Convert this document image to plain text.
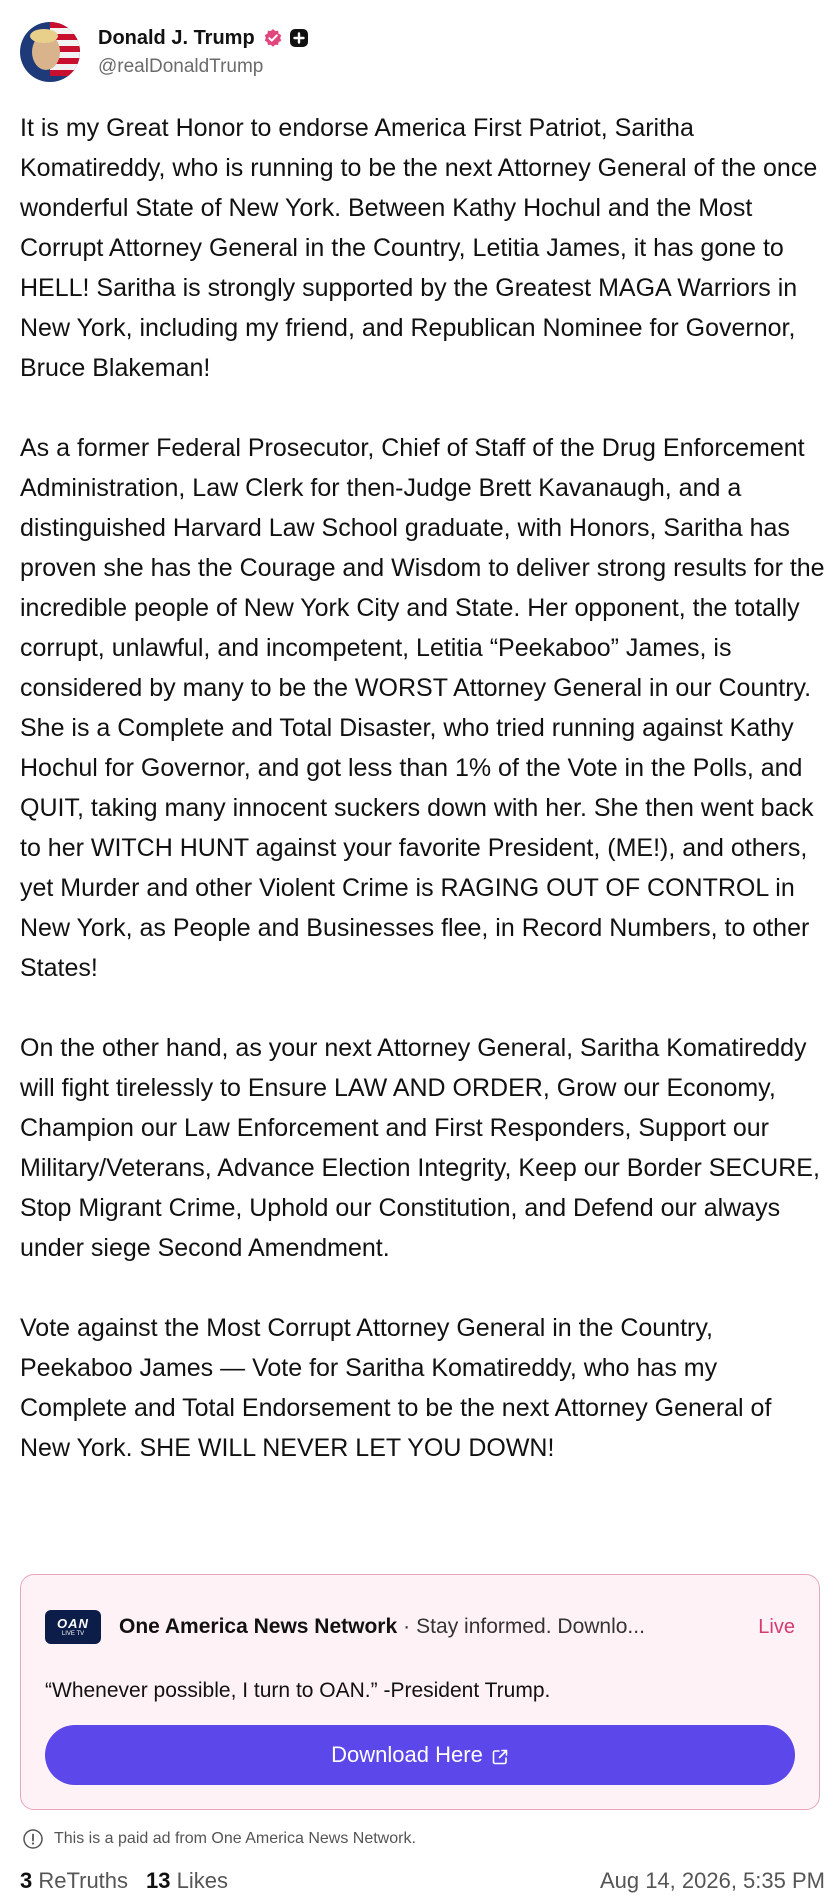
Donald J. Trump
@realDonaldTrump

It is my Great Honor to endorse America First Patriot, Saritha Komatireddy, who is running to be the next Attorney General of the once wonderful State of New York. Between Kathy Hochul and the Most Corrupt Attorney General in the Country, Letitia James, it has gone to HELL! Saritha is strongly supported by the Greatest MAGA Warriors in New York, including my friend, and Republican Nominee for Governor, Bruce Blakeman!

As a former Federal Prosecutor, Chief of Staff of the Drug Enforcement Administration, Law Clerk for then-Judge Brett Kavanaugh, and a distinguished Harvard Law School graduate, with Honors, Saritha has proven she has the Courage and Wisdom to deliver strong results for the incredible people of New York City and State. Her opponent, the totally corrupt, unlawful, and incompetent, Letitia “Peekaboo” James, is considered by many to be the WORST Attorney General in our Country. She is a Complete and Total Disaster, who tried running against Kathy Hochul for Governor, and got less than 1% of the Vote in the Polls, and QUIT, taking many innocent suckers down with her. She then went back to her WITCH HUNT against your favorite President, (ME!), and others, yet Murder and other Violent Crime is RAGING OUT OF CONTROL in New York, as People and Businesses flee, in Record Numbers, to other States!

On the other hand, as your next Attorney General, Saritha Komatireddy will fight tirelessly to Ensure LAW AND ORDER, Grow our Economy, Champion our Law Enforcement and First Responders, Support our Military/Veterans, Advance Election Integrity, Keep our Border SECURE, Stop Migrant Crime, Uphold our Constitution, and Defend our always under siege Second Amendment.

Vote against the Most Corrupt Attorney General in the Country, Peekaboo James — Vote for Saritha Komatireddy, who has my Complete and Total Endorsement to be the next Attorney General of New York. SHE WILL NEVER LET YOU DOWN!

OAN
LIVE TV One America News Network · Stay informed. Downlo...	Live
“Whenever possible, I turn to OAN.” -President Trump.
Download Here
This is a paid ad from One America News Network.
3 ReTruths 13 Likes	Aug 14, 2026, 5:35 PM
